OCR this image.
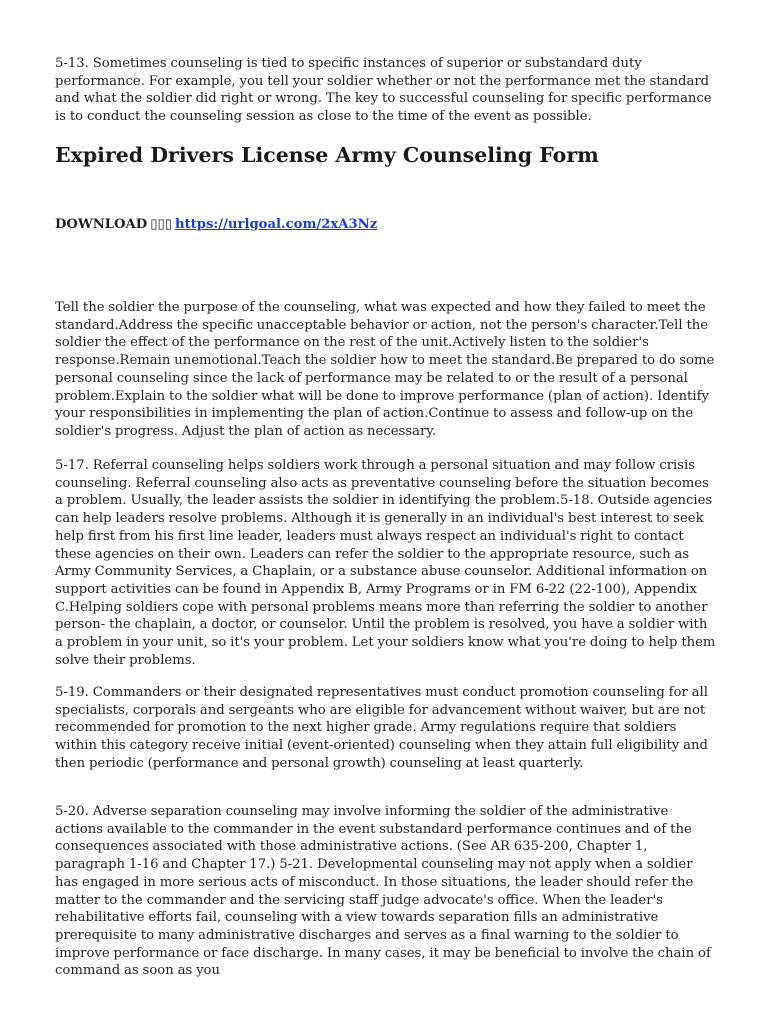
5-13. Sometimes counseling is tied to specific instances of superior or substandard duty performance. For example, you tell your soldier whether or not the performance met the standard and what the soldier did right or wrong. The key to successful counseling for specific performance is to conduct the counseling session as close to the time of the event as possible.

Expired Drivers License Army Counseling Form
DOWNLOAD ▯▯▯ https://urlgoal.com/2xA3Nz

Tell the soldier the purpose of the counseling, what was expected and how they failed to meet the standard.Address the specific unacceptable behavior or action, not the person's character.Tell the soldier the effect of the performance on the rest of the unit.Actively listen to the soldier's response.Remain unemotional.Teach the soldier how to meet the standard.Be prepared to do some personal counseling since the lack of performance may be related to or the result of a personal problem.Explain to the soldier what will be done to improve performance (plan of action). Identify your responsibilities in implementing the plan of action.Continue to assess and follow-up on the soldier's progress. Adjust the plan of action as necessary.

5-17. Referral counseling helps soldiers work through a personal situation and may follow crisis counseling. Referral counseling also acts as preventative counseling before the situation becomes a problem. Usually, the leader assists the soldier in identifying the problem.5-18. Outside agencies can help leaders resolve problems. Although it is generally in an individual's best interest to seek help first from his first line leader, leaders must always respect an individual's right to contact these agencies on their own. Leaders can refer the soldier to the appropriate resource, such as Army Community Services, a Chaplain, or a substance abuse counselor. Additional information on support activities can be found in Appendix B, Army Programs or in FM 6-22 (22-100), Appendix C.Helping soldiers cope with personal problems means more than referring the soldier to another person- the chaplain, a doctor, or counselor. Until the problem is resolved, you have a soldier with a problem in your unit, so it's your problem. Let your soldiers know what you're doing to help them solve their problems.

5-19. Commanders or their designated representatives must conduct promotion counseling for all specialists, corporals and sergeants who are eligible for advancement without waiver, but are not recommended for promotion to the next higher grade. Army regulations require that soldiers within this category receive initial (event-oriented) counseling when they attain full eligibility and then periodic (performance and personal growth) counseling at least quarterly.

5-20. Adverse separation counseling may involve informing the soldier of the administrative actions available to the commander in the event substandard performance continues and of the consequences associated with those administrative actions. (See AR 635-200, Chapter 1, paragraph 1-16 and Chapter 17.) 5-21. Developmental counseling may not apply when a soldier has engaged in more serious acts of misconduct. In those situations, the leader should refer the matter to the commander and the servicing staff judge advocate's office. When the leader's rehabilitative efforts fail, counseling with a view towards separation fills an administrative prerequisite to many administrative discharges and serves as a final warning to the soldier to improve performance or face discharge. In many cases, it may be beneficial to involve the chain of command as soon as you
